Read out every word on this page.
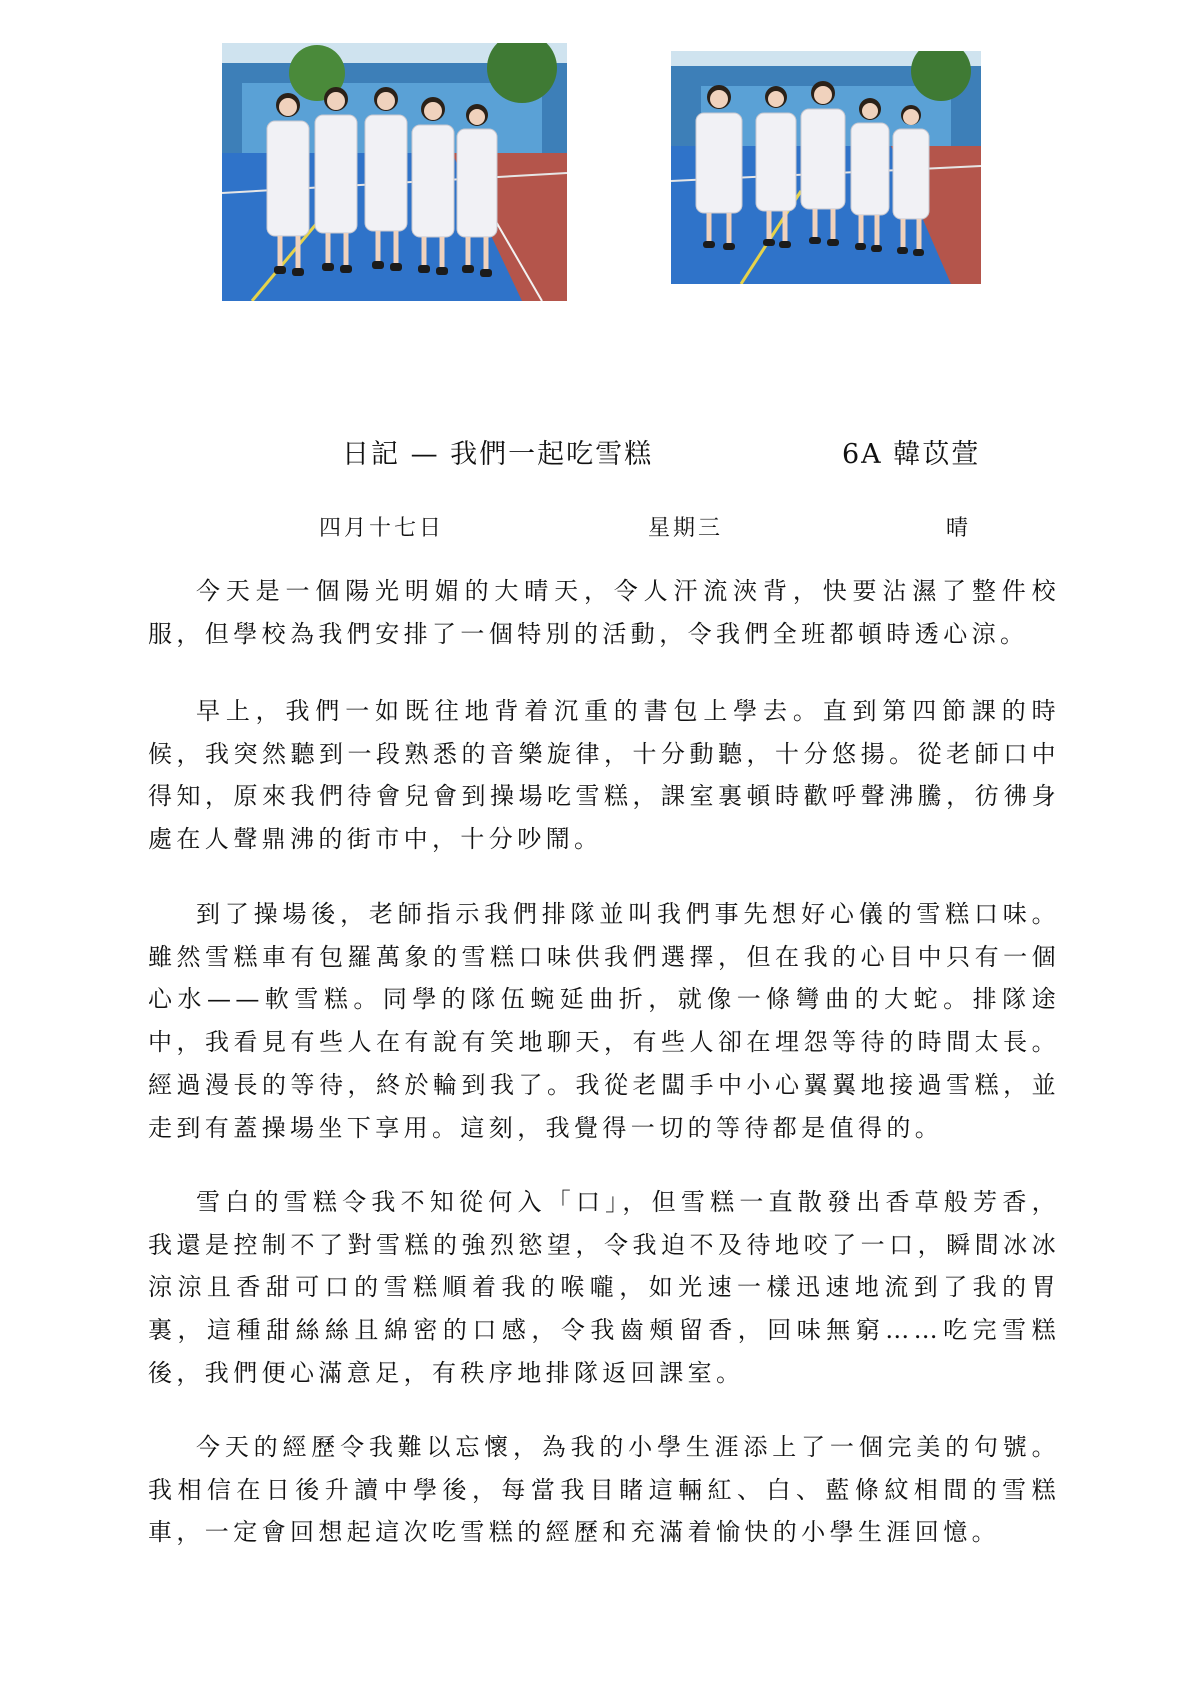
日記 — 我們一起吃雪糕	6A 韓苡萱
四月十七日	星期三	晴

今天是一個陽光明媚的大晴天，令人汗流浹背，快要沾濕了整件校服，但學校為我們安排了一個特別的活動，令我們全班都頓時透心涼。

早上，我們一如既往地背着沉重的書包上學去。直到第四節課的時候，我突然聽到一段熟悉的音樂旋律，十分動聽，十分悠揚。從老師口中得知，原來我們待會兒會到操場吃雪糕，課室裏頓時歡呼聲沸騰，彷彿身處在人聲鼎沸的街市中，十分吵鬧。

到了操場後，老師指示我們排隊並叫我們事先想好心儀的雪糕口味。雖然雪糕車有包羅萬象的雪糕口味供我們選擇，但在我的心目中只有一個心水——軟雪糕。同學的隊伍蜿延曲折，就像一條彎曲的大蛇。排隊途中，我看見有些人在有說有笑地聊天，有些人卻在埋怨等待的時間太長。經過漫長的等待，終於輪到我了。我從老闆手中小心翼翼地接過雪糕，並走到有蓋操場坐下享用。這刻，我覺得一切的等待都是值得的。

雪白的雪糕令我不知從何入「口」，但雪糕一直散發出香草般芳香，我還是控制不了對雪糕的強烈慾望，令我迫不及待地咬了一口，瞬間冰冰涼涼且香甜可口的雪糕順着我的喉嚨，如光速一樣迅速地流到了我的胃裏，這種甜絲絲且綿密的口感，令我齒頰留香，回味無窮……吃完雪糕後，我們便心滿意足，有秩序地排隊返回課室。

今天的經歷令我難以忘懷，為我的小學生涯添上了一個完美的句號。我相信在日後升讀中學後，每當我目睹這輛紅、白、藍條紋相間的雪糕車，一定會回想起這次吃雪糕的經歷和充滿着愉快的小學生涯回憶。
